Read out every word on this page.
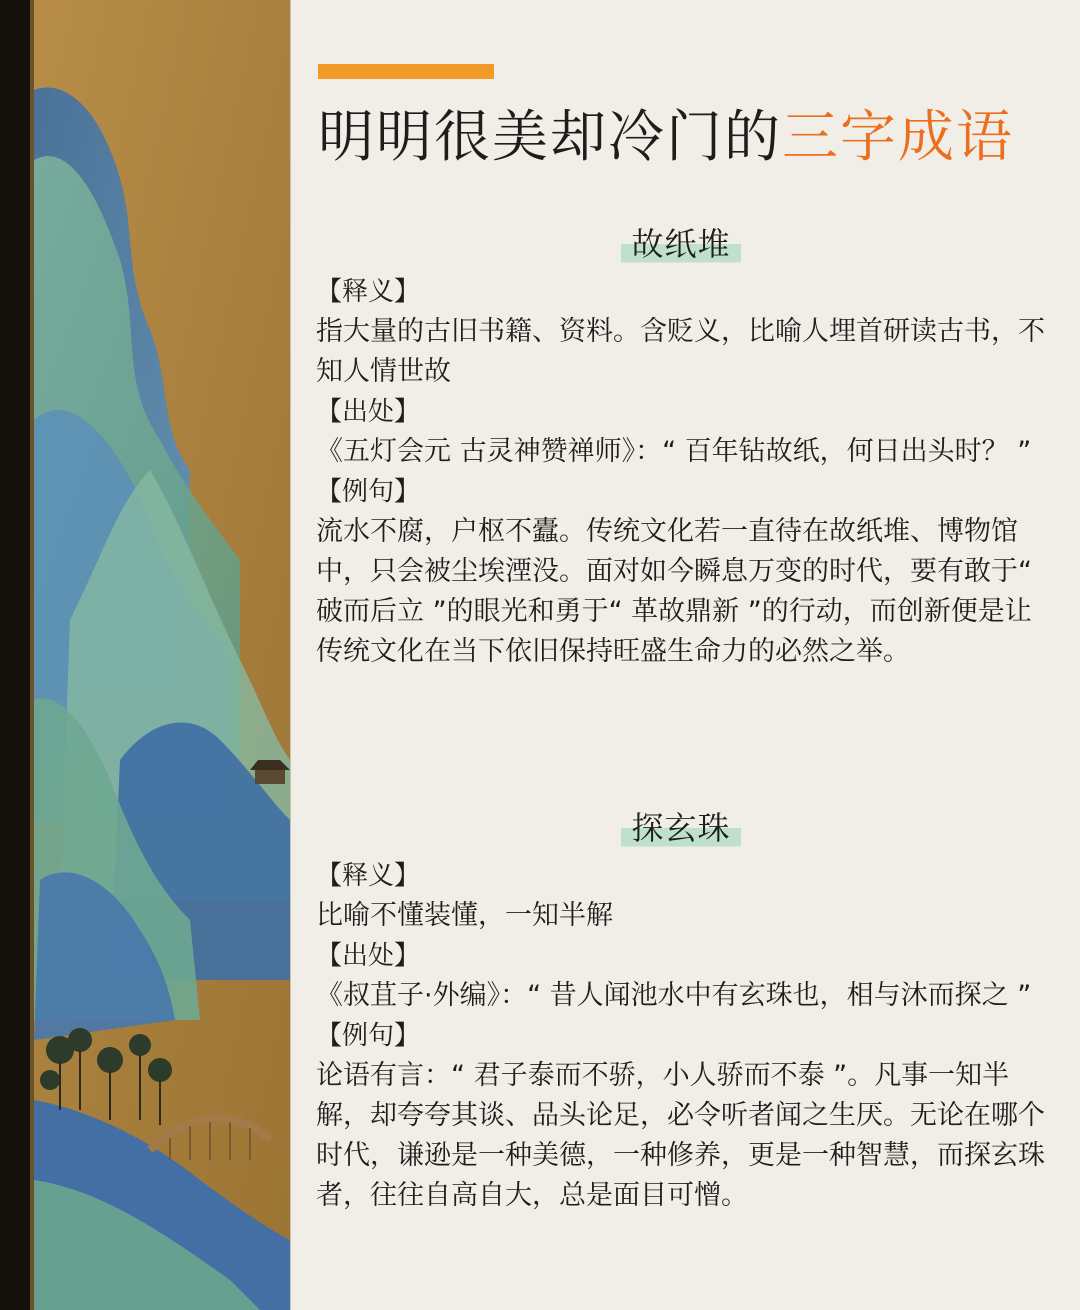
明明很美却冷门的三字成语
故纸堆
【释义】

指大量的古旧书籍、资料。含贬义，比喻人埋首研读古书，不知人情世故

【出处】

《五灯会元 古灵神赞禅师》：“ 百年钻故纸，何日出头时？ ”

【例句】

流水不腐，户枢不蠹。传统文化若一直待在故纸堆、博物馆中，只会被尘埃湮没。面对如今瞬息万变的时代，要有敢于“ 破而后立 ”的眼光和勇于“ 革故鼎新 ”的行动，而创新便是让传统文化在当下依旧保持旺盛生命力的必然之举。

探玄珠
【释义】

比喻不懂装懂，一知半解

【出处】

《叔苴子·外编》：“ 昔人闻池水中有玄珠也，相与沐而探之 ”

【例句】

论语有言：“ 君子泰而不骄，小人骄而不泰 ”。凡事一知半解，却夸夸其谈、品头论足，必令听者闻之生厌。无论在哪个时代，谦逊是一种美德，一种修养，更是一种智慧，而探玄珠者，往往自高自大，总是面目可憎。
